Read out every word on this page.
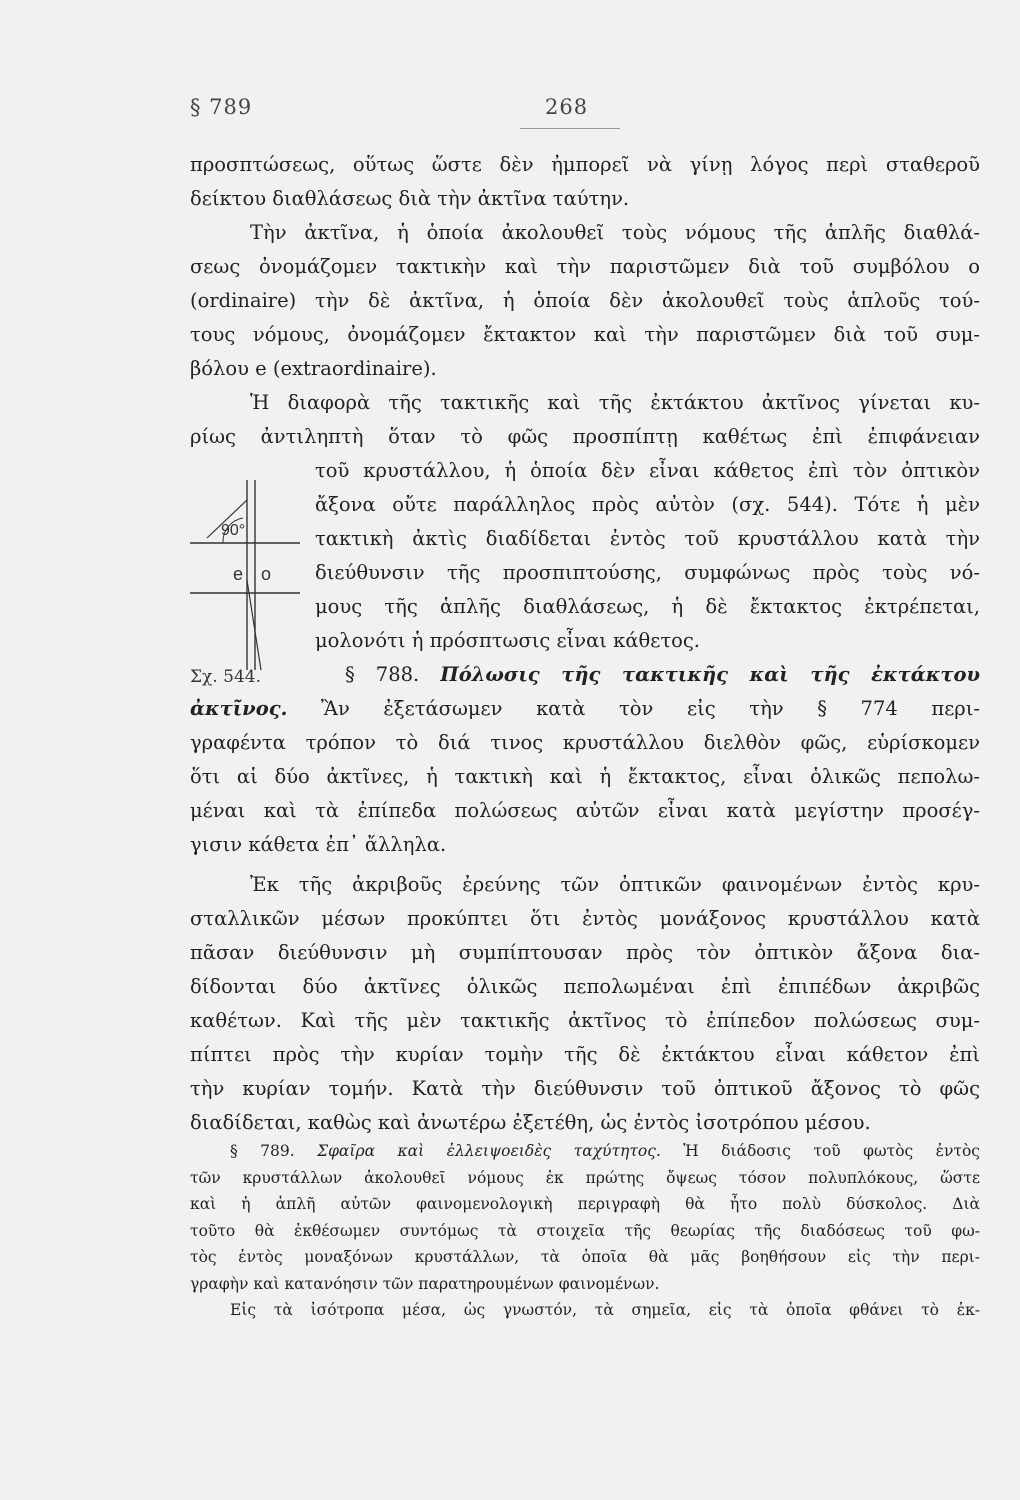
§ 789	268
προσπτώσεως, οὕτως ὥστε δὲν ἠμπορεῖ νὰ γίνῃ λόγος περὶ σταθεροῦ
δείκτου διαθλάσεως διὰ τὴν ἀκτῖνα ταύτην.
Τὴν ἀκτῖνα, ἡ ὁποία ἀκολουθεῖ τοὺς νόμους τῆς ἁπλῆς διαθλά-
σεως ὀνομάζομεν τακτικὴν καὶ τὴν παριστῶμεν διὰ τοῦ συμβόλου ο
(ordinaire) τὴν δὲ ἀκτῖνα, ἡ ὁποία δὲν ἀκολουθεῖ τοὺς ἁπλοῦς τού-
τους νόμους, ὀνομάζομεν ἔκτακτον καὶ τὴν παριστῶμεν διὰ τοῦ συμ-
βόλου e (extraordinaire).
Ἡ διαφορὰ τῆς τακτικῆς καὶ τῆς ἐκτάκτου ἀκτῖνος γίνεται κυ-
ρίως ἀντιληπτὴ ὅταν τὸ φῶς προσπίπτῃ καθέτως ἐπὶ ἐπιφάνειαν
τοῦ κρυστάλλου, ἡ ὁποία δὲν εἶναι κάθετος ἐπὶ τὸν ὀπτικὸν
ἄξονα οὔτε παράλληλος πρὸς αὐτὸν (σχ. 544). Τότε ἡ μὲν
τακτικὴ ἀκτὶς διαδίδεται ἐντὸς τοῦ κρυστάλλου κατὰ τὴν
διεύθυνσιν τῆς προσπιπτούσης, συμφώνως πρὸς τοὺς νό-
μους τῆς ἁπλῆς διαθλάσεως, ἡ δὲ ἔκτακτος ἐκτρέπεται,
μολονότι ἡ πρόσπτωσις εἶναι κάθετος.
§ 788. Πόλωσις τῆς τακτικῆς καὶ τῆς ἐκτάκτου
90°
e o
Σχ. 544.
ἀκτῖνος. Ἂν ἐξετάσωμεν κατὰ τὸν εἰς τὴν § 774 περι-
γραφέντα τρόπον τὸ διά τινος κρυστάλλου διελθὸν φῶς, εὑρίσκομεν
ὅτι αἱ δύο ἀκτῖνες, ἡ τακτικὴ καὶ ἡ ἔκτακτος, εἶναι ὁλικῶς πεπολω-
μέναι καὶ τὰ ἐπίπεδα πολώσεως αὐτῶν εἶναι κατὰ μεγίστην προσέγ-
γισιν κάθετα ἐπ᾽ ἄλληλα.
Ἐκ τῆς ἀκριβοῦς ἐρεύνης τῶν ὀπτικῶν φαινομένων ἐντὸς κρυ-
σταλλικῶν μέσων προκύπτει ὅτι ἐντὸς μονάξονος κρυστάλλου κατὰ
πᾶσαν διεύθυνσιν μὴ συμπίπτουσαν πρὸς τὸν ὀπτικὸν ἄξονα δια-
δίδονται δύο ἀκτῖνες ὁλικῶς πεπολωμέναι ἐπὶ ἐπιπέδων ἀκριβῶς
καθέτων. Καὶ τῆς μὲν τακτικῆς ἀκτῖνος τὸ ἐπίπεδον πολώσεως συμ-
πίπτει πρὸς τὴν κυρίαν τομὴν τῆς δὲ ἐκτάκτου εἶναι κάθετον ἐπὶ
τὴν κυρίαν τομήν. Κατὰ τὴν διεύθυνσιν τοῦ ὀπτικοῦ ἄξονος τὸ φῶς
διαδίδεται, καθὼς καὶ ἀνωτέρω ἐξετέθη, ὡς ἐντὸς ἰσοτρόπου μέσου.
§ 789. Σφαῖρα καὶ ἐλλειψοειδὲς ταχύτητος. Ἡ διάδοσις τοῦ φωτὸς ἐντὸς
τῶν κρυστάλλων ἀκολουθεῖ νόμους ἐκ πρώτης ὄψεως τόσον πολυπλόκους, ὥστε
καὶ ἡ ἁπλῆ αὐτῶν φαινομενολογικὴ περιγραφὴ θὰ ἦτο πολὺ δύσκολος. Διὰ
τοῦτο θὰ ἐκθέσωμεν συντόμως τὰ στοιχεῖα τῆς θεωρίας τῆς διαδόσεως τοῦ φω-
τὸς ἐντὸς μοναξόνων κρυστάλλων, τὰ ὁποῖα θὰ μᾶς βοηθήσουν εἰς τὴν περι-
γραφὴν καὶ κατανόησιν τῶν παρατηρουμένων φαινομένων.
Εἰς τὰ ἰσότροπα μέσα, ὡς γνωστόν, τὰ σημεῖα, εἰς τὰ ὁποῖα φθάνει τὸ ἐκ-
